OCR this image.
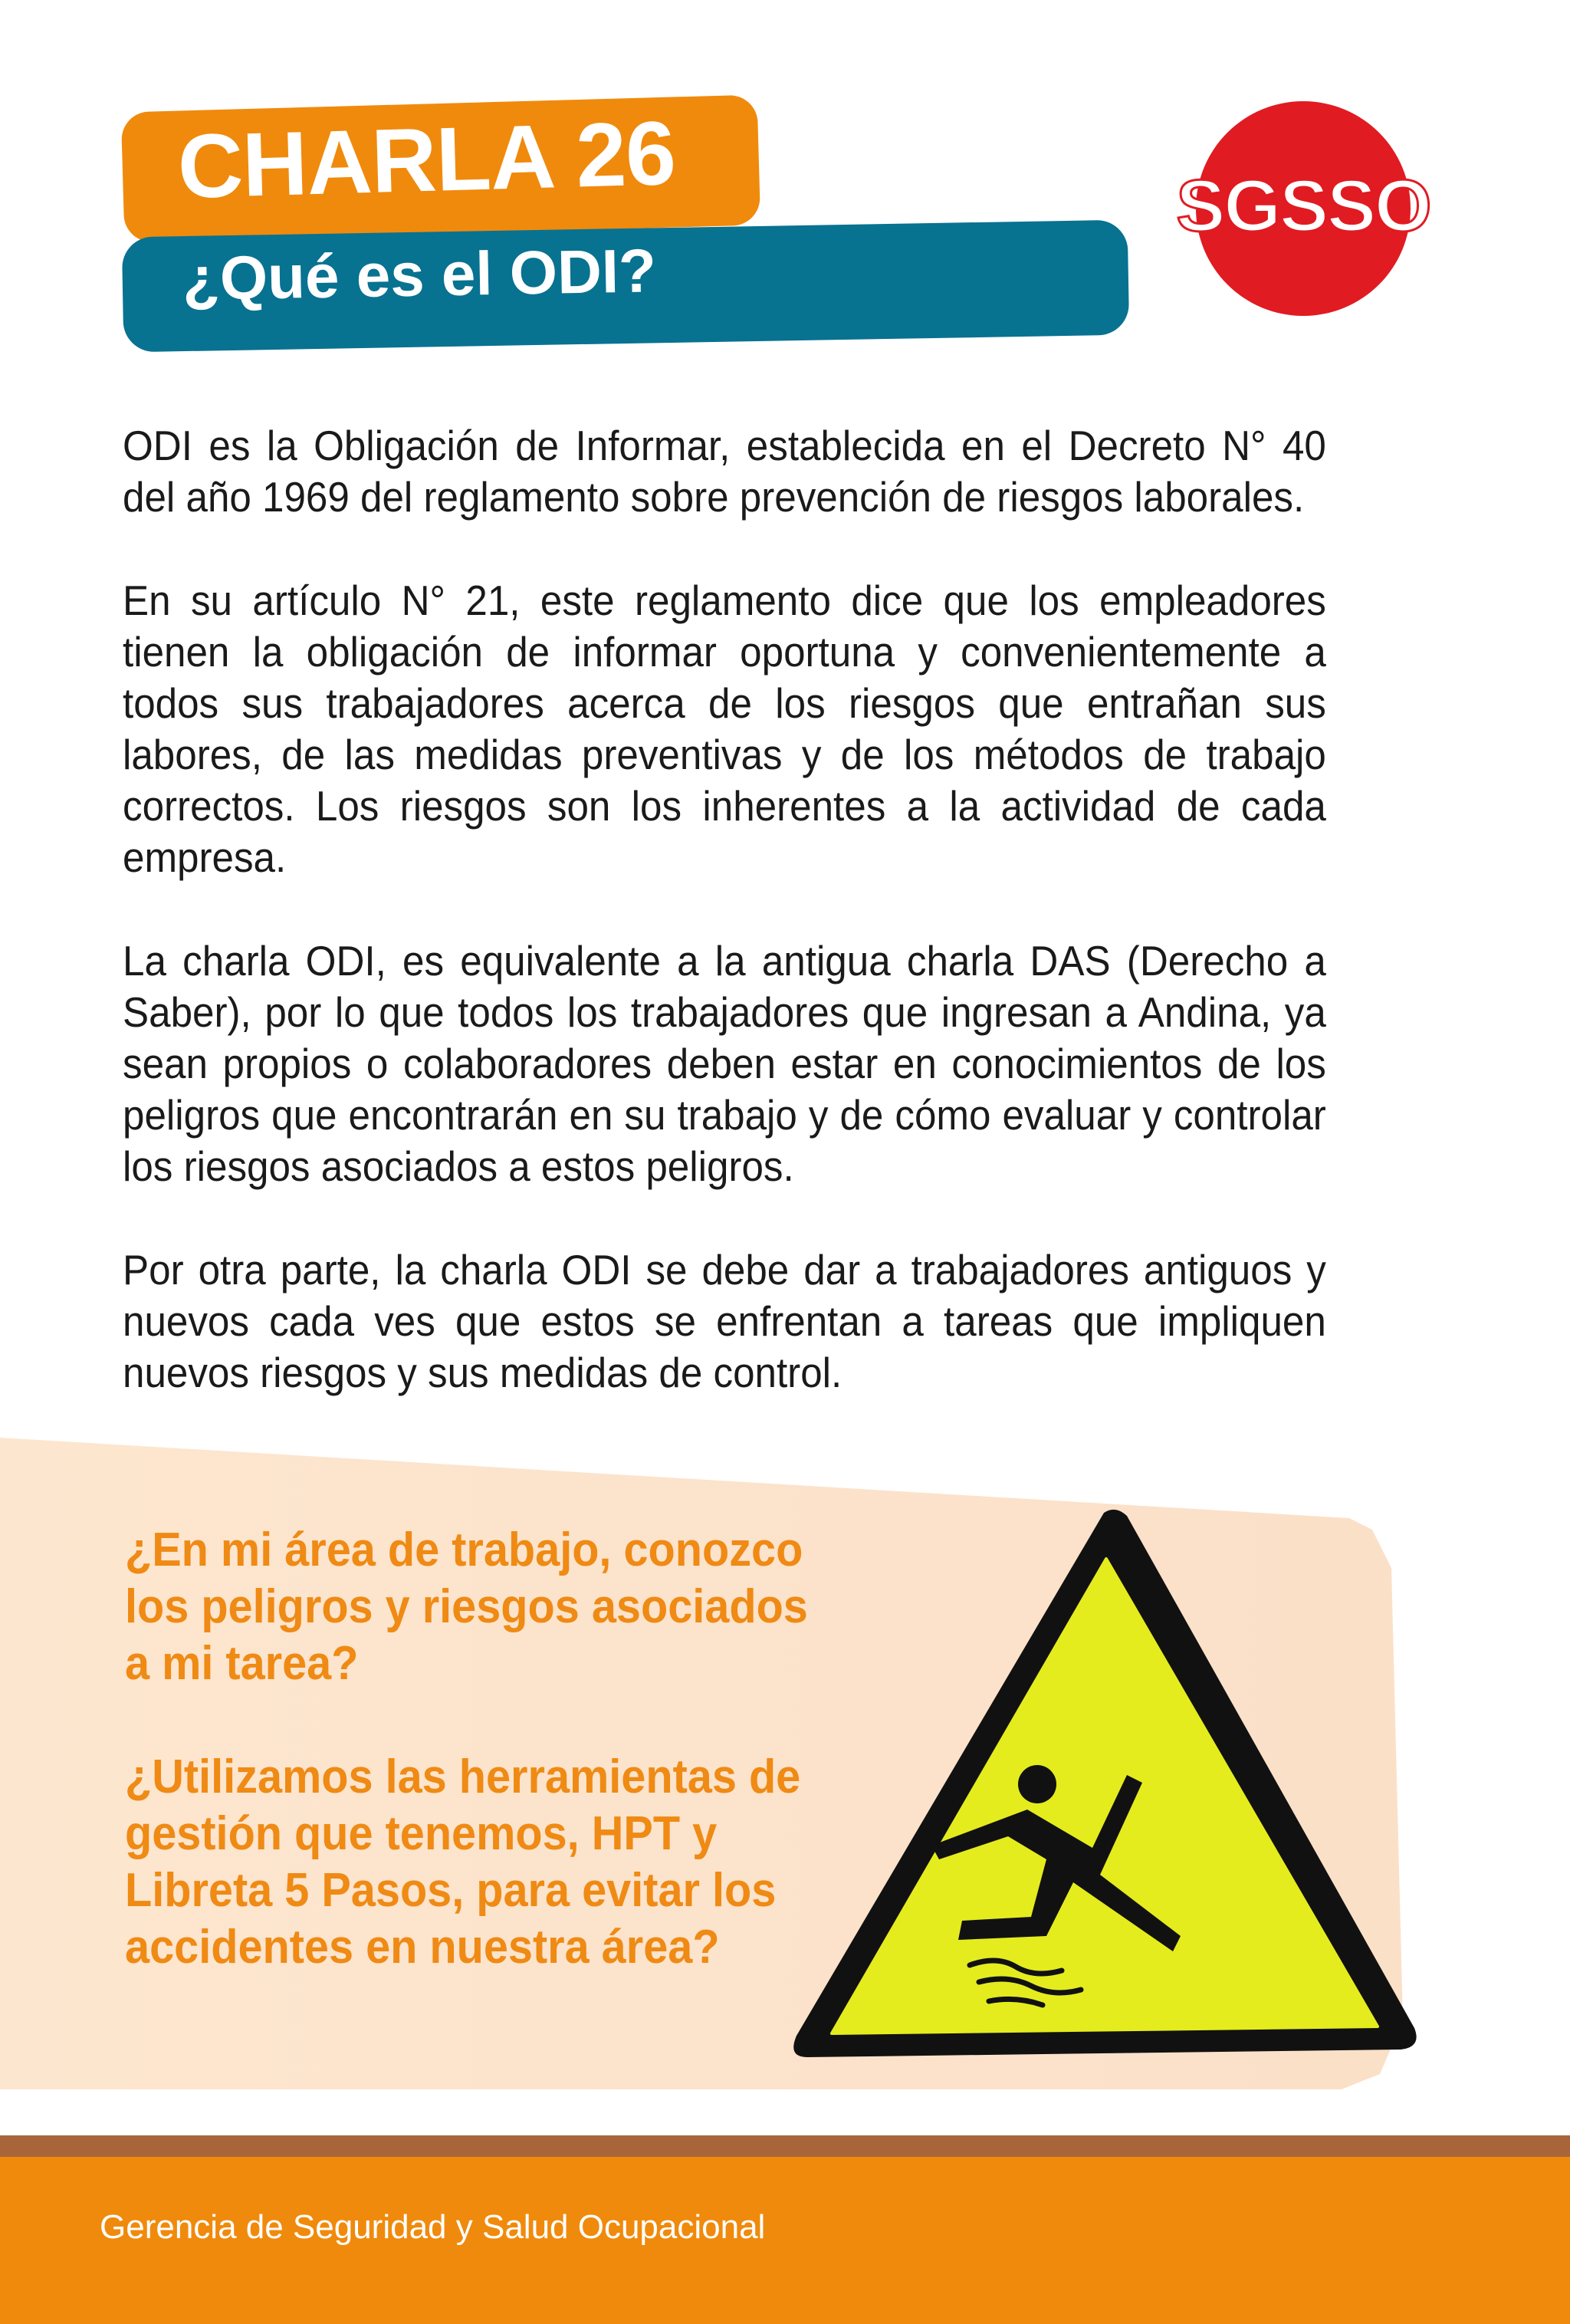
CHARLA 26
¿Qué es el ODI?
SGSSO

ODI es la Obligación de Informar, establecida en el Decreto N° 40 del año 1969 del reglamento sobre prevención de riesgos laborales.

En su artículo N° 21, este reglamento dice que los empleadores tienen la obligación de informar oportuna y convenientemente a todos sus trabajadores acerca de los riesgos que entrañan sus labores, de las medidas preventivas y de los métodos de trabajo correctos. Los riesgos son los inherentes a la actividad de cada empresa.

La charla ODI, es equivalente a la antigua charla DAS (Derecho a Saber), por lo que todos los trabajadores que ingresan a Andina, ya sean propios o colaboradores deben estar en conocimientos de los peligros que encontrarán en su trabajo y de cómo evaluar y controlar los riesgos asociados a estos peligros.

Por otra parte, la charla ODI se debe dar a trabajadores antiguos y nuevos cada ves que estos se enfrentan a tareas que impliquen nuevos riesgos y sus medidas de control.

¿En mi área de trabajo, conozco los peligros y riesgos asociados a mi tarea?

¿Utilizamos las herramientas de gestión que tenemos, HPT y Libreta 5 Pasos, para evitar los accidentes en nuestra área?

Gerencia de Seguridad y Salud Ocupacional
